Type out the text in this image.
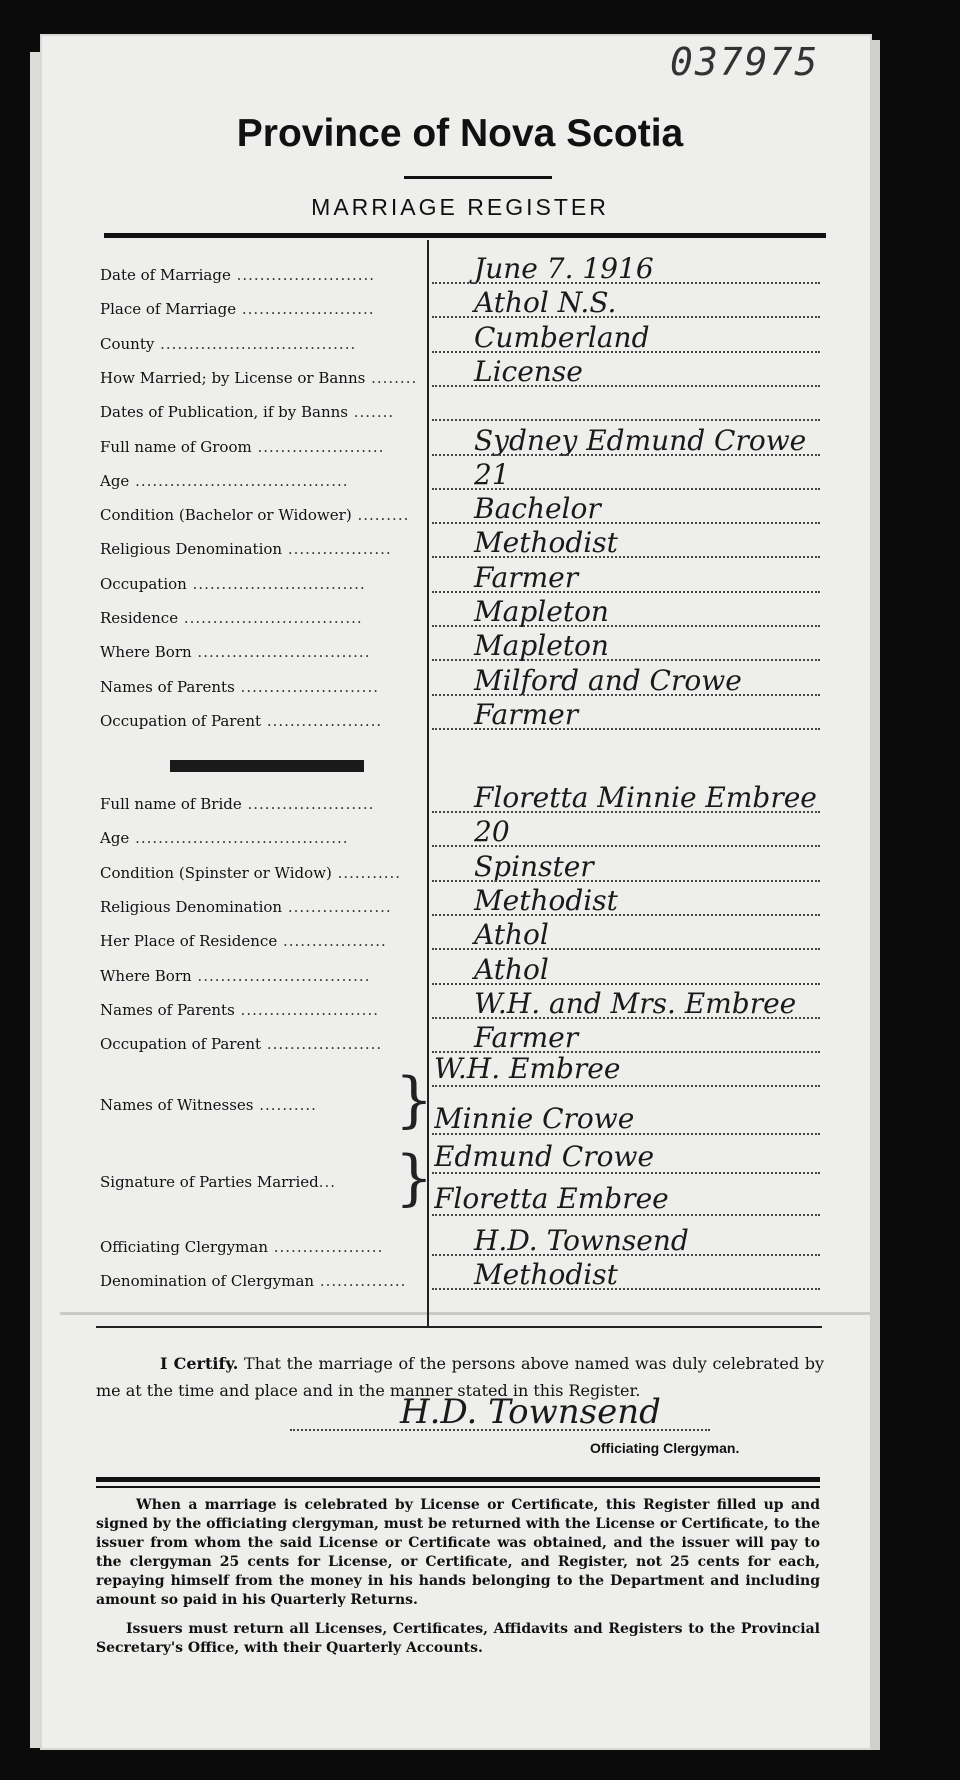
037975
Province of Nova Scotia
MARRIAGE REGISTER
Date of Marriage ........................	June 7. 1916
Place of Marriage .......................	Athol N.S.
County ..................................	Cumberland
How Married; by License or Banns ........	License
Dates of Publication, if by Banns .......
Full name of Groom ......................	Sydney Edmund Crowe
Age .....................................	21
Condition (Bachelor or Widower) .........	Bachelor
Religious Denomination ..................	Methodist
Occupation ..............................	Farmer
Residence ...............................	Mapleton
Where Born ..............................	Mapleton
Names of Parents ........................	Milford and Crowe
Occupation of Parent ....................	Farmer
Full name of Bride ......................	Floretta Minnie Embree
Age .....................................	20
Condition (Spinster or Widow) ...........	Spinster
Religious Denomination ..................	Methodist
Her Place of Residence ..................	Athol
Where Born ..............................	Athol
Names of Parents ........................	W.H. and Mrs. Embree
Occupation of Parent ....................	Farmer
Names of Witnesses .......... } W.H. Embree
Minnie Crowe
Signature of Parties Married... } Edmund Crowe
Floretta Embree
Officiating Clergyman ...................	H.D. Townsend
Denomination of Clergyman ...............	Methodist
I Certify. That the marriage of the persons above named was duly celebrated by me at the time and place and in the manner stated in this Register.
H.D. Townsend
Officiating Clergyman.
When a marriage is celebrated by License or Certificate, this Register filled up and signed by the officiating clergyman, must be returned with the License or Certificate, to the issuer from whom the said License or Certificate was obtained, and the issuer will pay to the clergyman 25 cents for License, or Certificate, and Register, not 25 cents for each, repaying himself from the money in his hands belonging to the Department and including amount so paid in his Quarterly Returns.
Issuers must return all Licenses, Certificates, Affidavits and Registers to the Provincial Secretary's Office, with their Quarterly Accounts.
